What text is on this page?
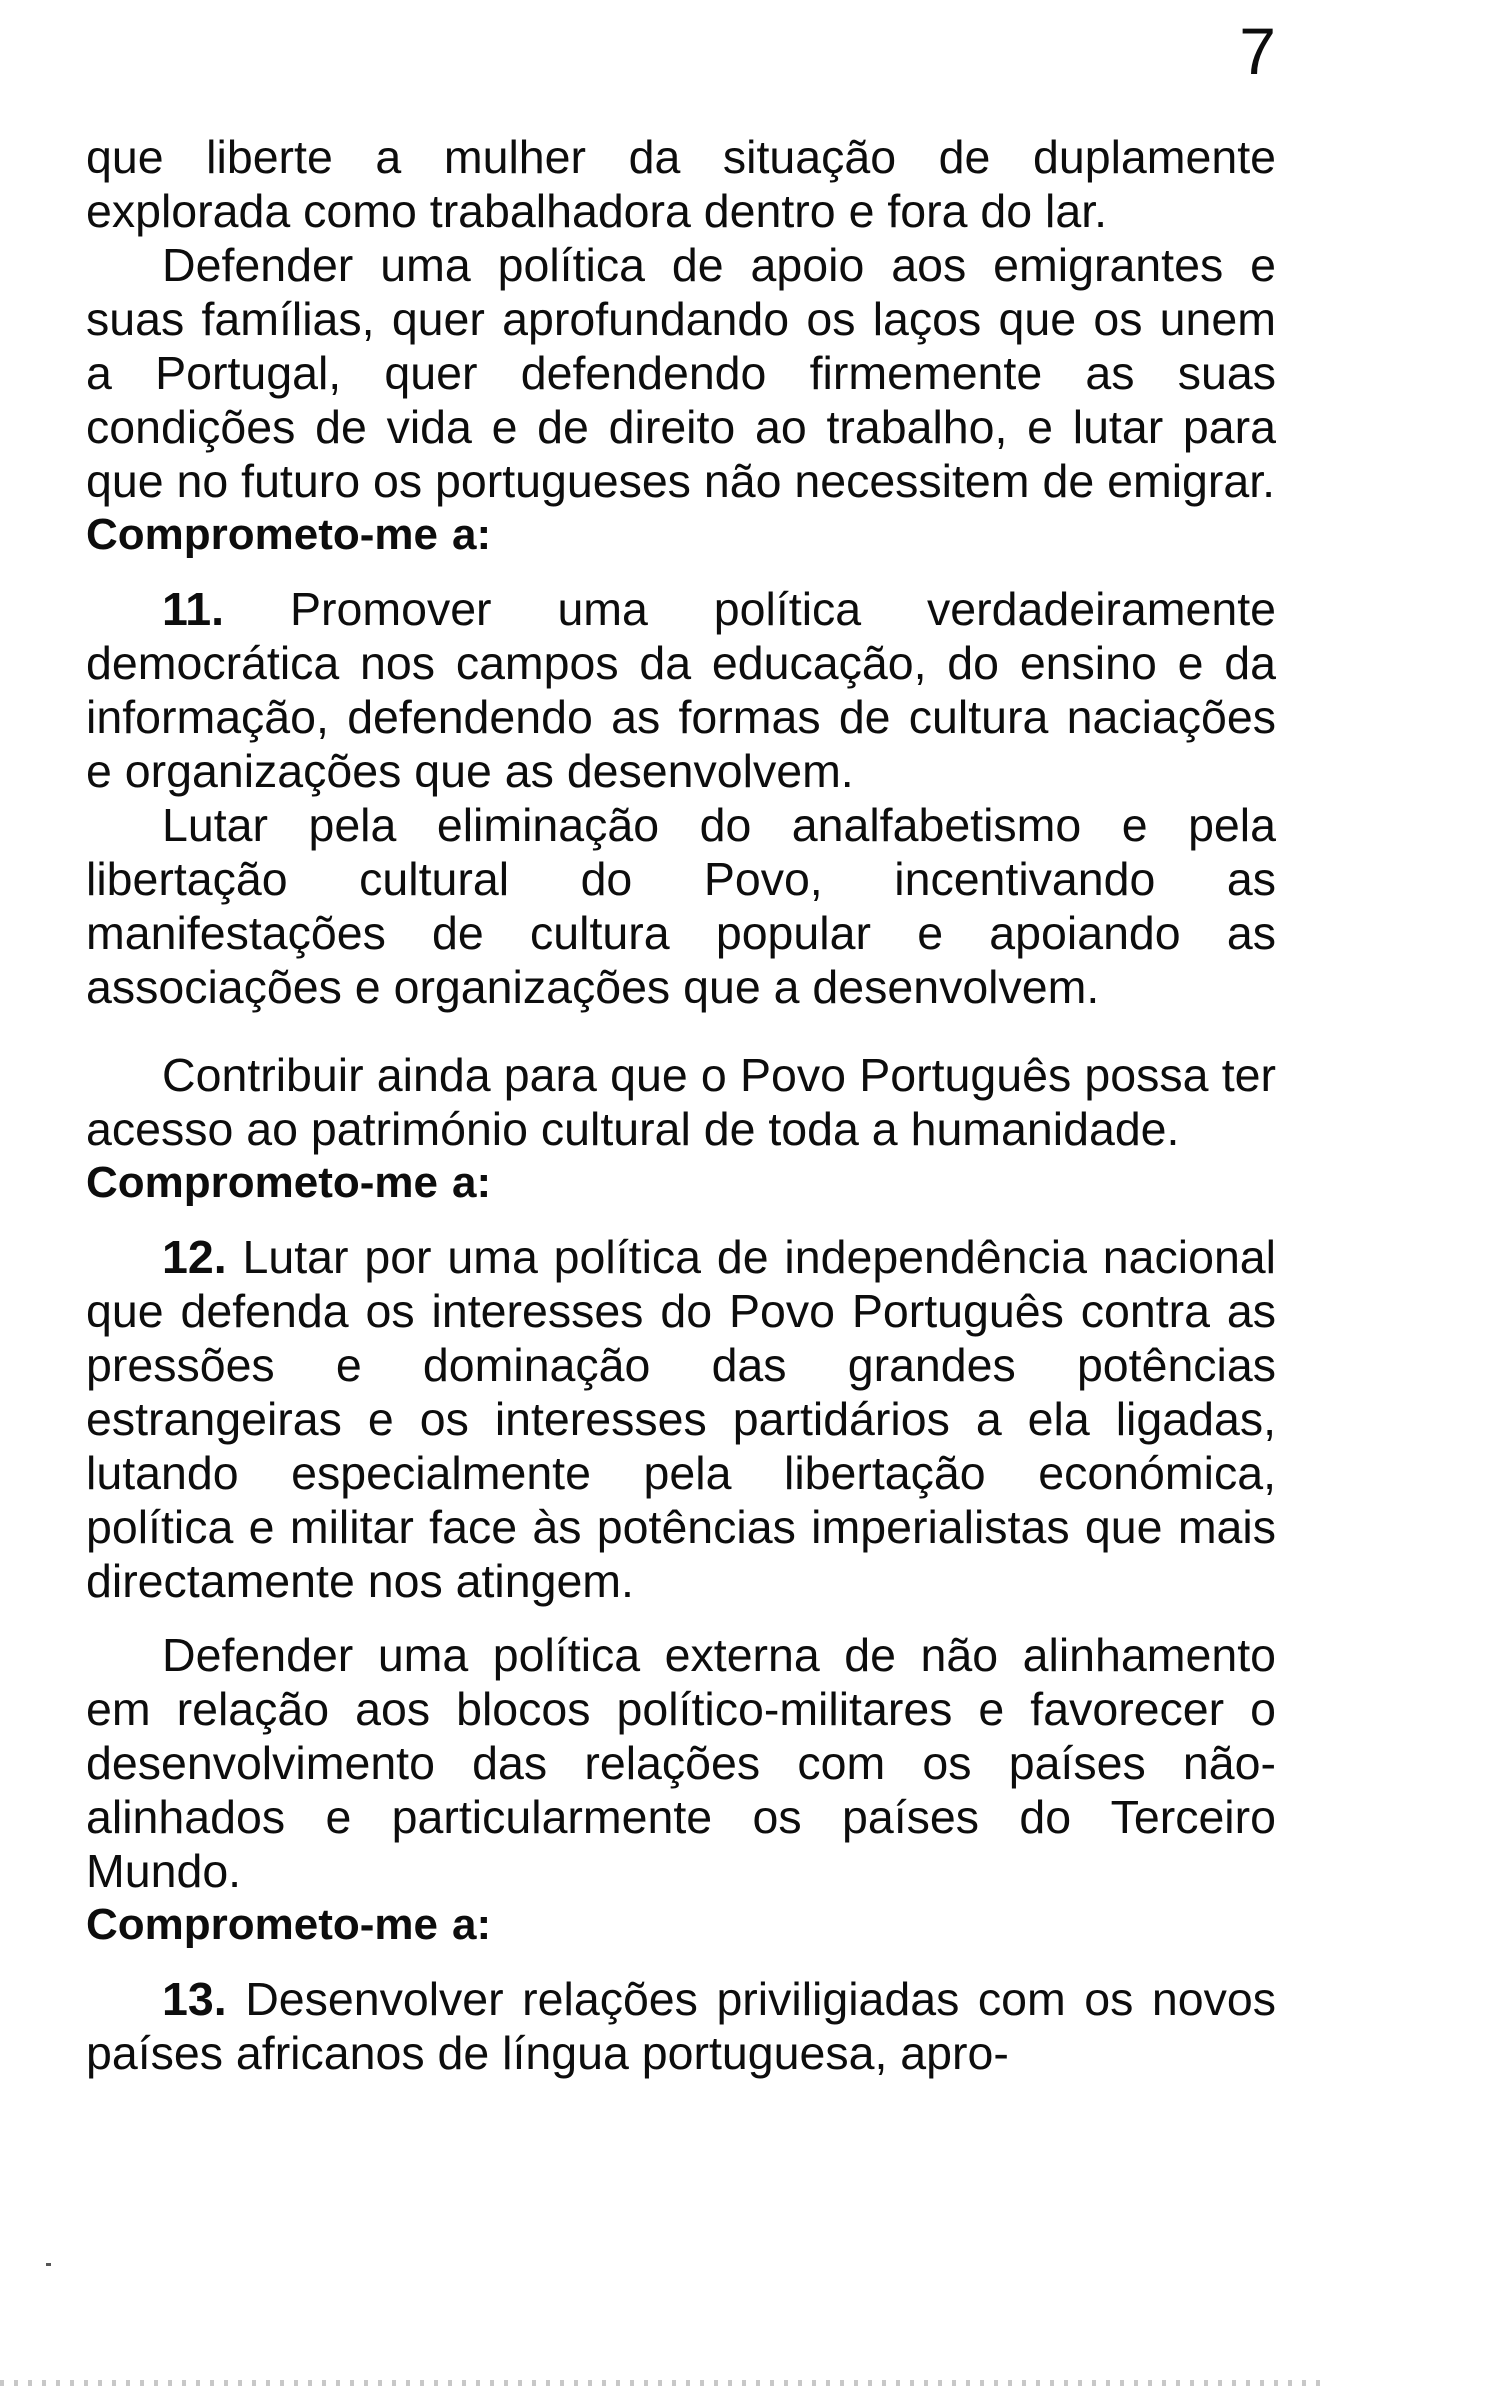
7

que liberte a mulher da situação de duplamente explorada como trabalhadora dentro e fora do lar.

Defender uma política de apoio aos emigrantes e suas famílias, quer aprofundando os laços que os unem a Portugal, quer defendendo firmemente as suas condições de vida e de direito ao trabalho, e lutar para que no futuro os portugueses não necessitem de emigrar.

Comprometo-me a:

11. Promover uma política verdadeiramente democrática nos campos da educação, do ensino e da informação, defendendo as formas de cultura naciações e organizações que as desenvolvem.

Lutar pela eliminação do analfabetismo e pela libertação cultural do Povo, incentivando as manifestações de cultura popular e apoiando as associações e organizações que a desenvolvem.

Contribuir ainda para que o Povo Português possa ter acesso ao património cultural de toda a humanidade.

Comprometo-me a:

12. Lutar por uma política de independência nacional que defenda os interesses do Povo Português contra as pressões e dominação das grandes potências estrangeiras e os interesses partidários a ela ligadas, lutando especialmente pela libertação económica, política e militar face às potências imperialistas que mais directamente nos atingem.

Defender uma política externa de não alinhamento em relação aos blocos político-militares e favorecer o desenvolvimento das relações com os países não-alinhados e particularmente os países do Terceiro Mundo.

Comprometo-me a:

13. Desenvolver relações priviligiadas com os novos países africanos de língua portuguesa, apro-
